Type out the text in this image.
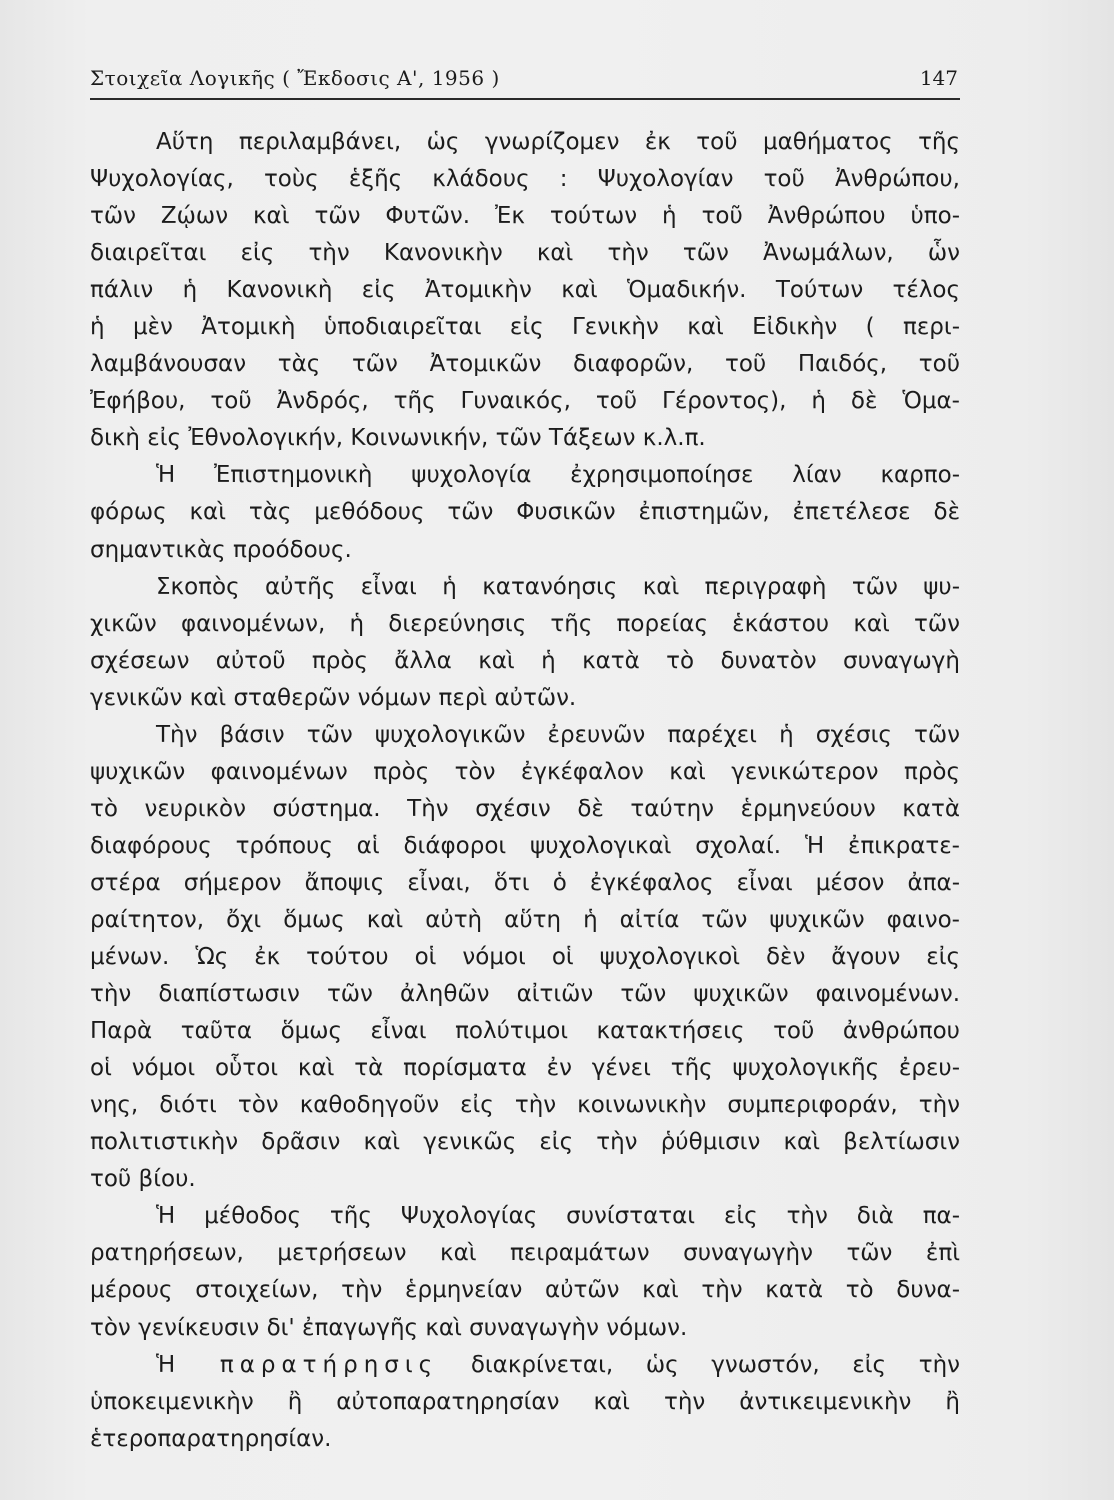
Στοιχεῖα Λογικῆς ( Ἔκδοσις Α', 1956 )	147
Αὕτη περιλαμβάνει, ὡς γνωρίζομεν ἐκ τοῦ μαθήματος τῆς
Ψυχολογίας, τοὺς ἑξῆς κλάδους : Ψυχολογίαν τοῦ Ἀνθρώπου,
τῶν Ζῴων καὶ τῶν Φυτῶν. Ἐκ τούτων ἡ τοῦ Ἀνθρώπου ὑπο-
διαιρεῖται εἰς τὴν Κανονικὴν καὶ τὴν τῶν Ἀνωμάλων, ὧν
πάλιν ἡ Κανονικὴ εἰς Ἀτομικὴν καὶ Ὁμαδικήν. Τούτων τέλος
ἡ μὲν Ἀτομικὴ ὑποδιαιρεῖται εἰς Γενικὴν καὶ Εἰδικὴν ( περι-
λαμβάνουσαν τὰς τῶν Ἀτομικῶν διαφορῶν, τοῦ Παιδός, τοῦ
Ἐφήβου, τοῦ Ἀνδρός, τῆς Γυναικός, τοῦ Γέροντος), ἡ δὲ Ὁμα-
δικὴ εἰς Ἐθνολογικήν, Κοινωνικήν, τῶν Τάξεων κ.λ.π.
Ἡ Ἐπιστημονικὴ ψυχολογία ἐχρησιμοποίησε λίαν καρπο-
φόρως καὶ τὰς μεθόδους τῶν Φυσικῶν ἐπιστημῶν, ἐπετέλεσε δὲ
σημαντικὰς προόδους.
Σκοπὸς αὐτῆς εἶναι ἡ κατανόησις καὶ περιγραφὴ τῶν ψυ-
χικῶν φαινομένων, ἡ διερεύνησις τῆς πορείας ἑκάστου καὶ τῶν
σχέσεων αὐτοῦ πρὸς ἄλλα καὶ ἡ κατὰ τὸ δυνατὸν συναγωγὴ
γενικῶν καὶ σταθερῶν νόμων περὶ αὐτῶν.
Τὴν βάσιν τῶν ψυχολογικῶν ἐρευνῶν παρέχει ἡ σχέσις τῶν
ψυχικῶν φαινομένων πρὸς τὸν ἐγκέφαλον καὶ γενικώτερον πρὸς
τὸ νευρικὸν σύστημα. Τὴν σχέσιν δὲ ταύτην ἑρμηνεύουν κατὰ
διαφόρους τρόπους αἱ διάφοροι ψυχολογικαὶ σχολαί. Ἡ ἐπικρατε-
στέρα σήμερον ἄποψις εἶναι, ὅτι ὁ ἐγκέφαλος εἶναι μέσον ἀπα-
ραίτητον, ὄχι ὅμως καὶ αὐτὴ αὕτη ἡ αἰτία τῶν ψυχικῶν φαινο-
μένων. Ὡς ἐκ τούτου οἱ νόμοι οἱ ψυχολογικοὶ δὲν ἄγουν εἰς
τὴν διαπίστωσιν τῶν ἀληθῶν αἰτιῶν τῶν ψυχικῶν φαινομένων.
Παρὰ ταῦτα ὅμως εἶναι πολύτιμοι κατακτήσεις τοῦ ἀνθρώπου
οἱ νόμοι οὗτοι καὶ τὰ πορίσματα ἐν γένει τῆς ψυχολογικῆς ἐρευ-
νης, διότι τὸν καθοδηγοῦν εἰς τὴν κοινωνικὴν συμπεριφοράν, τὴν
πολιτιστικὴν δρᾶσιν καὶ γενικῶς εἰς τὴν ῥύθμισιν καὶ βελτίωσιν
τοῦ βίου.
Ἡ μέθοδος τῆς Ψυχολογίας συνίσταται εἰς τὴν διὰ πα-
ρατηρήσεων, μετρήσεων καὶ πειραμάτων συναγωγὴν τῶν ἐπὶ
μέρους στοιχείων, τὴν ἑρμηνείαν αὐτῶν καὶ τὴν κατὰ τὸ δυνα-
τὸν γενίκευσιν δι' ἐπαγωγῆς καὶ συναγωγὴν νόμων.
Ἡ παρατήρησις διακρίνεται, ὡς γνωστόν, εἰς τὴν
ὑποκειμενικὴν ἢ αὐτοπαρατηρησίαν καὶ τὴν ἀντικειμενικὴν ἢ
ἑτεροπαρατηρησίαν.
